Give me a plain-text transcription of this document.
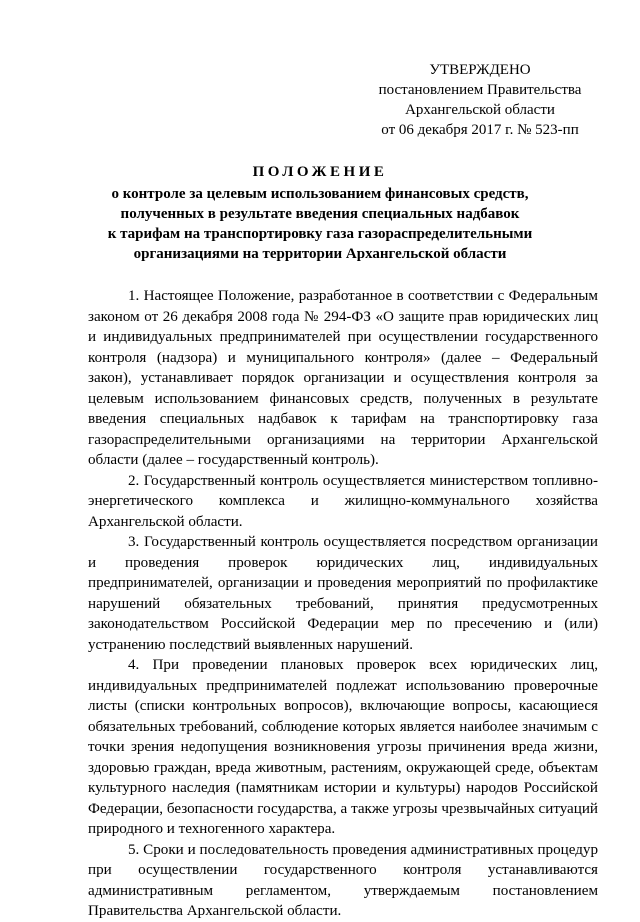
УТВЕРЖДЕНО
постановлением Правительства
Архангельской области
от 06 декабря 2017 г. № 523-пп
ПОЛОЖЕНИЕ
о контроле за целевым использованием финансовых средств,
полученных в результате введения специальных надбавок
к тарифам на транспортировку газа газораспределительными
организациями на территории Архангельской области

1. Настоящее Положение, разработанное в соответствии с Федеральным законом от 26 декабря 2008 года № 294-ФЗ «О защите прав юридических лиц и индивидуальных предпринимателей при осуществлении государственного контроля (надзора) и муниципального контроля» (далее – Федеральный закон), устанавливает порядок организации и осуществления контроля за целевым использованием финансовых средств, полученных в результате введения специальных надбавок к тарифам на транспортировку газа газораспределительными организациями на территории Архангельской области (далее – государственный контроль).

2. Государственный контроль осуществляется министерством топливно-энергетического комплекса и жилищно-коммунального хозяйства Архангельской области.

3. Государственный контроль осуществляется посредством организации и проведения проверок юридических лиц, индивидуальных предпринимателей, организации и проведения мероприятий по профилактике нарушений обязательных требований, принятия предусмотренных законодательством Российской Федерации мер по пресечению и (или) устранению последствий выявленных нарушений.

4. При проведении плановых проверок всех юридических лиц, индивидуальных предпринимателей подлежат использованию проверочные листы (списки контрольных вопросов), включающие вопросы, касающиеся обязательных требований, соблюдение которых является наиболее значимым с точки зрения недопущения возникновения угрозы причинения вреда жизни, здоровью граждан, вреда животным, растениям, окружающей среде, объектам культурного наследия (памятникам истории и культуры) народов Российской Федерации, безопасности государства, а также угрозы чрезвычайных ситуаций природного и техногенного характера.

5. Сроки и последовательность проведения административных процедур при осуществлении государственного контроля устанавливаются административным регламентом, утверждаемым постановлением Правительства Архангельской области.
